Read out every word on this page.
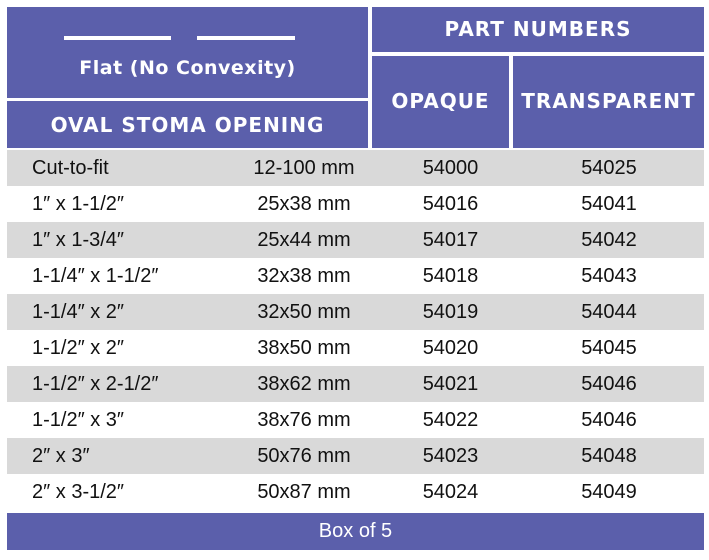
Flat (No Convexity)
OVAL STOMA OPENING
PART NUMBERS
OPAQUE	TRANSPARENT
Cut-to-fit	12-100 mm	54000	54025
1″ x 1-1/2″	25x38 mm	54016	54041
1″ x 1-3/4″	25x44 mm	54017	54042
1-1/4″ x 1-1/2″	32x38 mm	54018	54043
1-1/4″ x 2″	32x50 mm	54019	54044
1-1/2″ x 2″	38x50 mm	54020	54045
1-1/2″ x 2-1/2″	38x62 mm	54021	54046
1-1/2″ x 3″	38x76 mm	54022	54046
2″ x 3″	50x76 mm	54023	54048
2″ x 3-1/2″	50x87 mm	54024	54049
Box of 5
